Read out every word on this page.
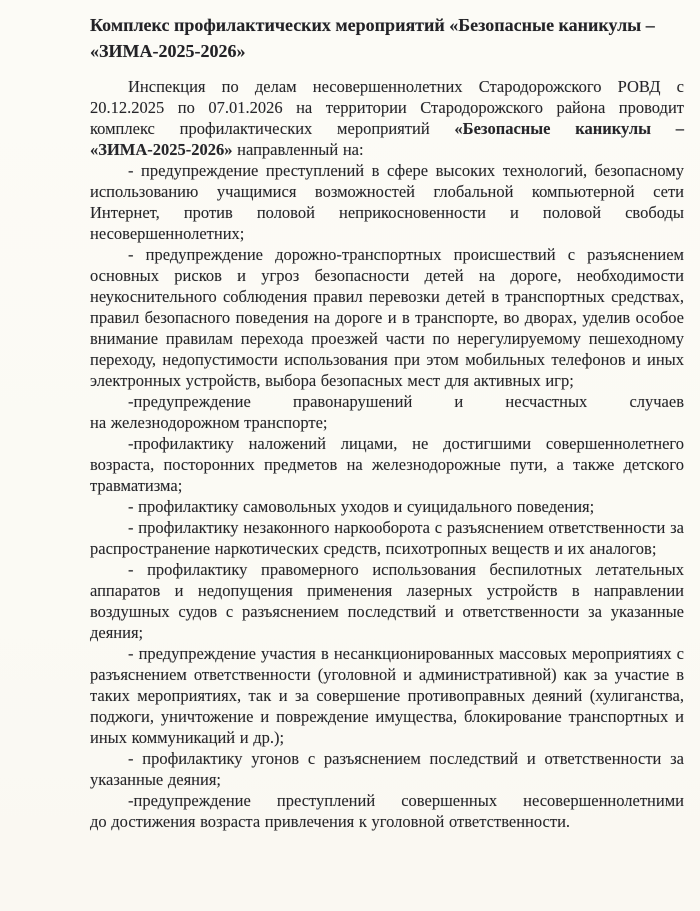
Комплекс профилактических мероприятий «Безопасные каникулы –
«ЗИМА-2025-2026»

Инспекция по делам несовершеннолетних Стародорожского РОВД с 20.12.2025 по 07.01.2026 на территории Стародорожского района проводит комплекс профилактических мероприятий «Безопасные каникулы – «ЗИМА-2025-2026» направленный на:

- предупреждение преступлений в сфере высоких технологий, безопасному использованию учащимися возможностей глобальной компьютерной сети Интернет, против половой неприкосновенности и половой свободы несовершеннолетних;

- предупреждение дорожно-транспортных происшествий с разъяснением основных рисков и угроз безопасности детей на дороге, необходимости неукоснительного соблюдения правил перевозки детей в транспортных средствах, правил безопасного поведения на дороге и в транспорте, во дворах, уделив особое внимание правилам перехода проезжей части по нерегулируемому пешеходному переходу, недопустимости использования при этом мобильных телефонов и иных электронных устройств, выбора безопасных мест для активных игр;

-предупреждение правонарушений и несчастных случаев на железнодорожном транспорте;

-профилактику наложений лицами, не достигшими совершеннолетнего возраста, посторонних предметов на железнодорожные пути, а также детского травматизма;

- профилактику самовольных уходов и суицидального поведения;

- профилактику незаконного наркооборота с разъяснением ответственности за распространение наркотических средств, психотропных веществ и их аналогов;

- профилактику правомерного использования беспилотных летательных аппаратов и недопущения применения лазерных устройств в направлении воздушных судов с разъяснением последствий и ответственности за указанные деяния;

- предупреждение участия в несанкционированных массовых мероприятиях с разъяснением ответственности (уголовной и административной) как за участие в таких мероприятиях, так и за совершение противоправных деяний (хулиганства, поджоги, уничтожение и повреждение имущества, блокирование транспортных и иных коммуникаций и др.);

- профилактику угонов с разъяснением последствий и ответственности за указанные деяния;

-предупреждение преступлений совершенных несовершеннолетними до достижения возраста привлечения к уголовной ответственности.
